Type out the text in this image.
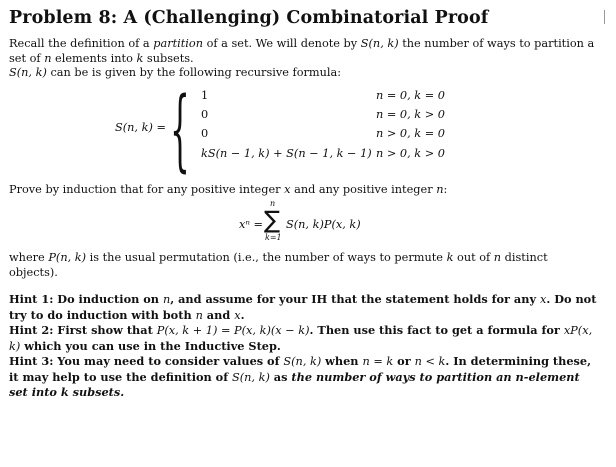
Problem 8: A (Challenging) Combinatorial Proof

Recall the definition of a partition of a set. We will denote by S(n, k) the number of ways to partition a set of n elements into k subsets.

S(n, k) can be is given by the following recursive formula:

S(n, k) = { 1	n = 0, k = 0
0	n = 0, k > 0
0	n > 0, k = 0
kS(n − 1, k) + S(n − 1, k − 1) n > 0, k > 0

Prove by induction that for any positive integer x and any positive integer n:

xⁿ =
n
∑
k=1
S(n, k)P(x, k)

where P(n, k) is the usual permutation (i.e., the number of ways to permute k out of n distinct objects).

Hint 1: Do induction on n, and assume for your IH that the statement holds for any x. Do not try to do induction with both n and x.

Hint 2: First show that P(x, k + 1) = P(x, k)(x − k). Then use this fact to get a formula for xP(x, k) which you can use in the Inductive Step.

Hint 3: You may need to consider values of S(n, k) when n = k or n < k. In determining these, it may help to use the definition of S(n, k) as the number of ways to partition an n-element set into k subsets.
